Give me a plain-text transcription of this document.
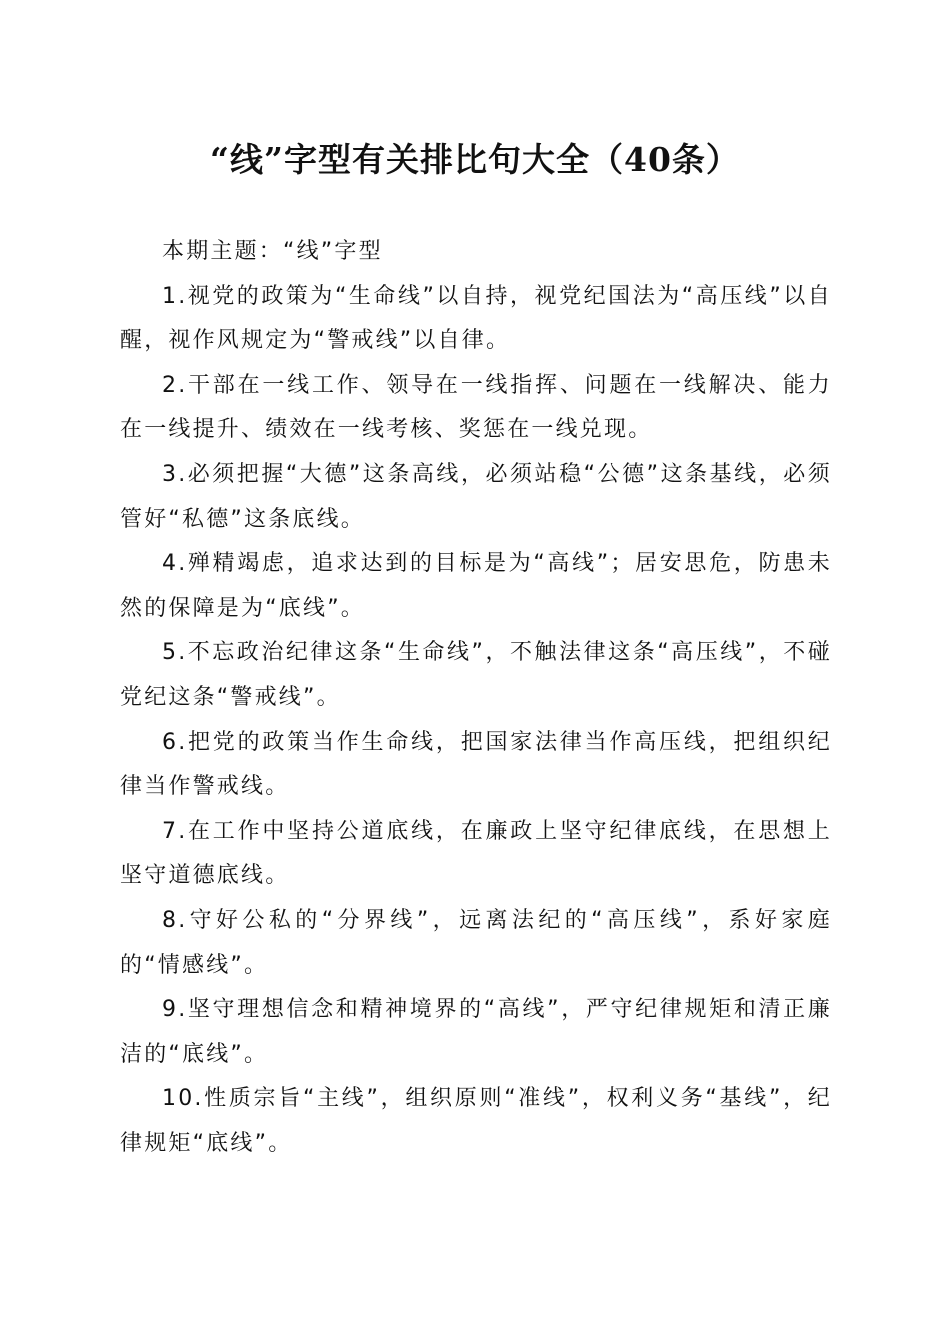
“线”字型有关排比句大全（40条）

本期主题：“线”字型

1.视党的政策为“生命线”以自持，视党纪国法为“高压线”以自醒，视作风规定为“警戒线”以自律。

2.干部在一线工作、领导在一线指挥、问题在一线解决、能力在一线提升、绩效在一线考核、奖惩在一线兑现。

3.必须把握“大德”这条高线，必须站稳“公德”这条基线，必须管好“私德”这条底线。

4.殚精竭虑，追求达到的目标是为“高线”；居安思危，防患未然的保障是为“底线”。

5.不忘政治纪律这条“生命线”，不触法律这条“高压线”，不碰党纪这条“警戒线”。

6.把党的政策当作生命线，把国家法律当作高压线，把组织纪律当作警戒线。

7.在工作中坚持公道底线，在廉政上坚守纪律底线，在思想上坚守道德底线。

8.守好公私的“分界线”，远离法纪的“高压线”，系好家庭的“情感线”。

9.坚守理想信念和精神境界的“高线”，严守纪律规矩和清正廉洁的“底线”。

10.性质宗旨“主线”，组织原则“准线”，权利义务“基线”，纪律规矩“底线”。
